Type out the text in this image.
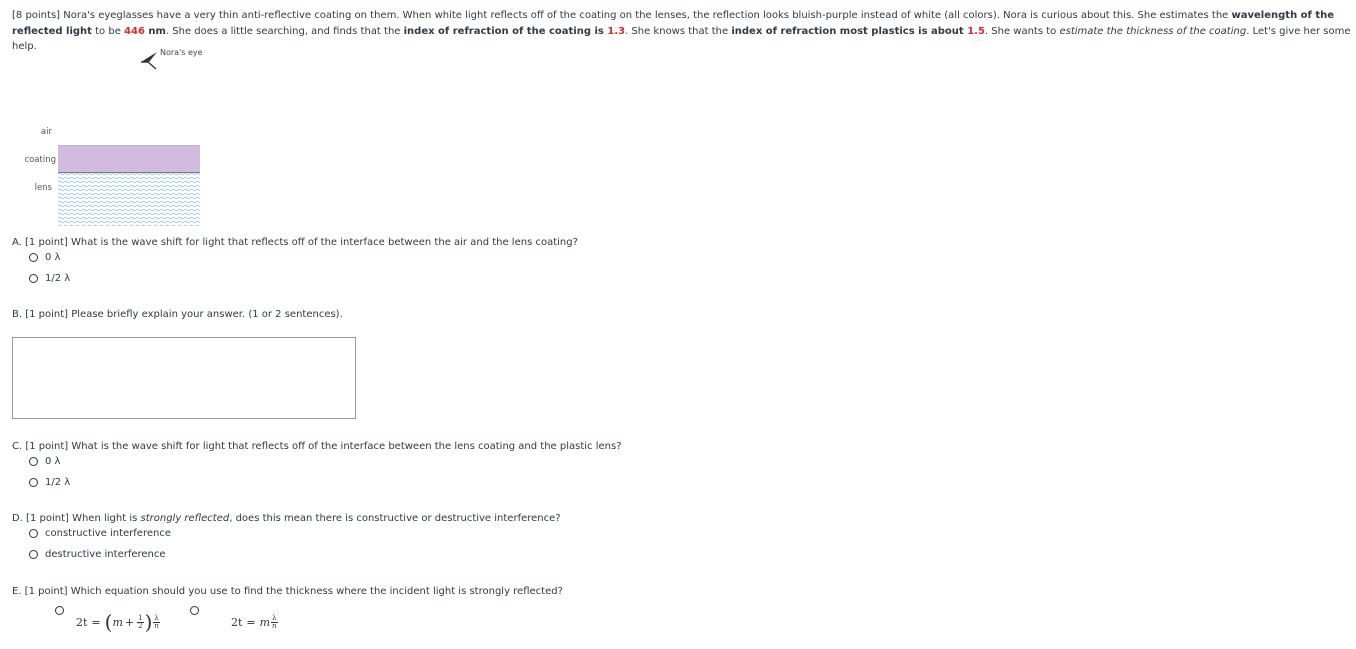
[8 points] Nora's eyeglasses have a very thin anti-reflective coating on them. When white light reflects off of the coating on the lenses, the reflection looks bluish-purple instead of white (all colors). Nora is curious about this. She estimates the wavelength of the reflected light to be 446 nm. She does a little searching, and finds that the index of refraction of the coating is 1.3. She knows that the index of refraction most plastics is about 1.5. She wants to estimate the thickness of the coating. Let's give her some help.
Nora's eye
air
coating
lens
A. [1 point] What is the wave shift for light that reflects off of the interface between the air and the lens coating?
0 λ
1/2 λ
B. [1 point] Please briefly explain your answer. (1 or 2 sentences).
C. [1 point] What is the wave shift for light that reflects off of the interface between the lens coating and the plastic lens?
0 λ
1/2 λ
D. [1 point] When light is strongly reflected, does this mean there is constructive or destructive interference?
constructive interference
destructive interference
E. [1 point] Which equation should you use to find the thickness where the incident light is strongly reflected?
2t = ( $m + \frac{1}{2}$ ) $\frac{\lambda}{n}$	2t = m $\frac{\lambda}{n}$
